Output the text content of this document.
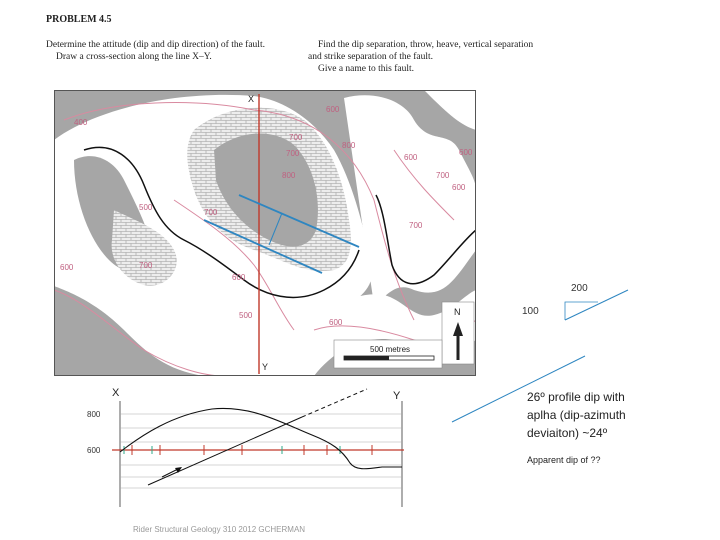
PROBLEM 4.5
Determine the attitude (dip and dip direction) of the fault.
Draw a cross-section along the line X–Y.
Find the dip separation, throw, heave, vertical separation
and strike separation of the fault.
Give a name to this fault.
400
600
700
800
600
700
600
700
700
800
500
600	700
600
500
600
700
600
X
Y
N
500 metres
200
100
X	Y
800
600
26º profile dip with
aplha (dip-azimuth
deviaiton) ~24º
Apparent dip of ??
Rider Structural Geology 310 2012 GCHERMAN
